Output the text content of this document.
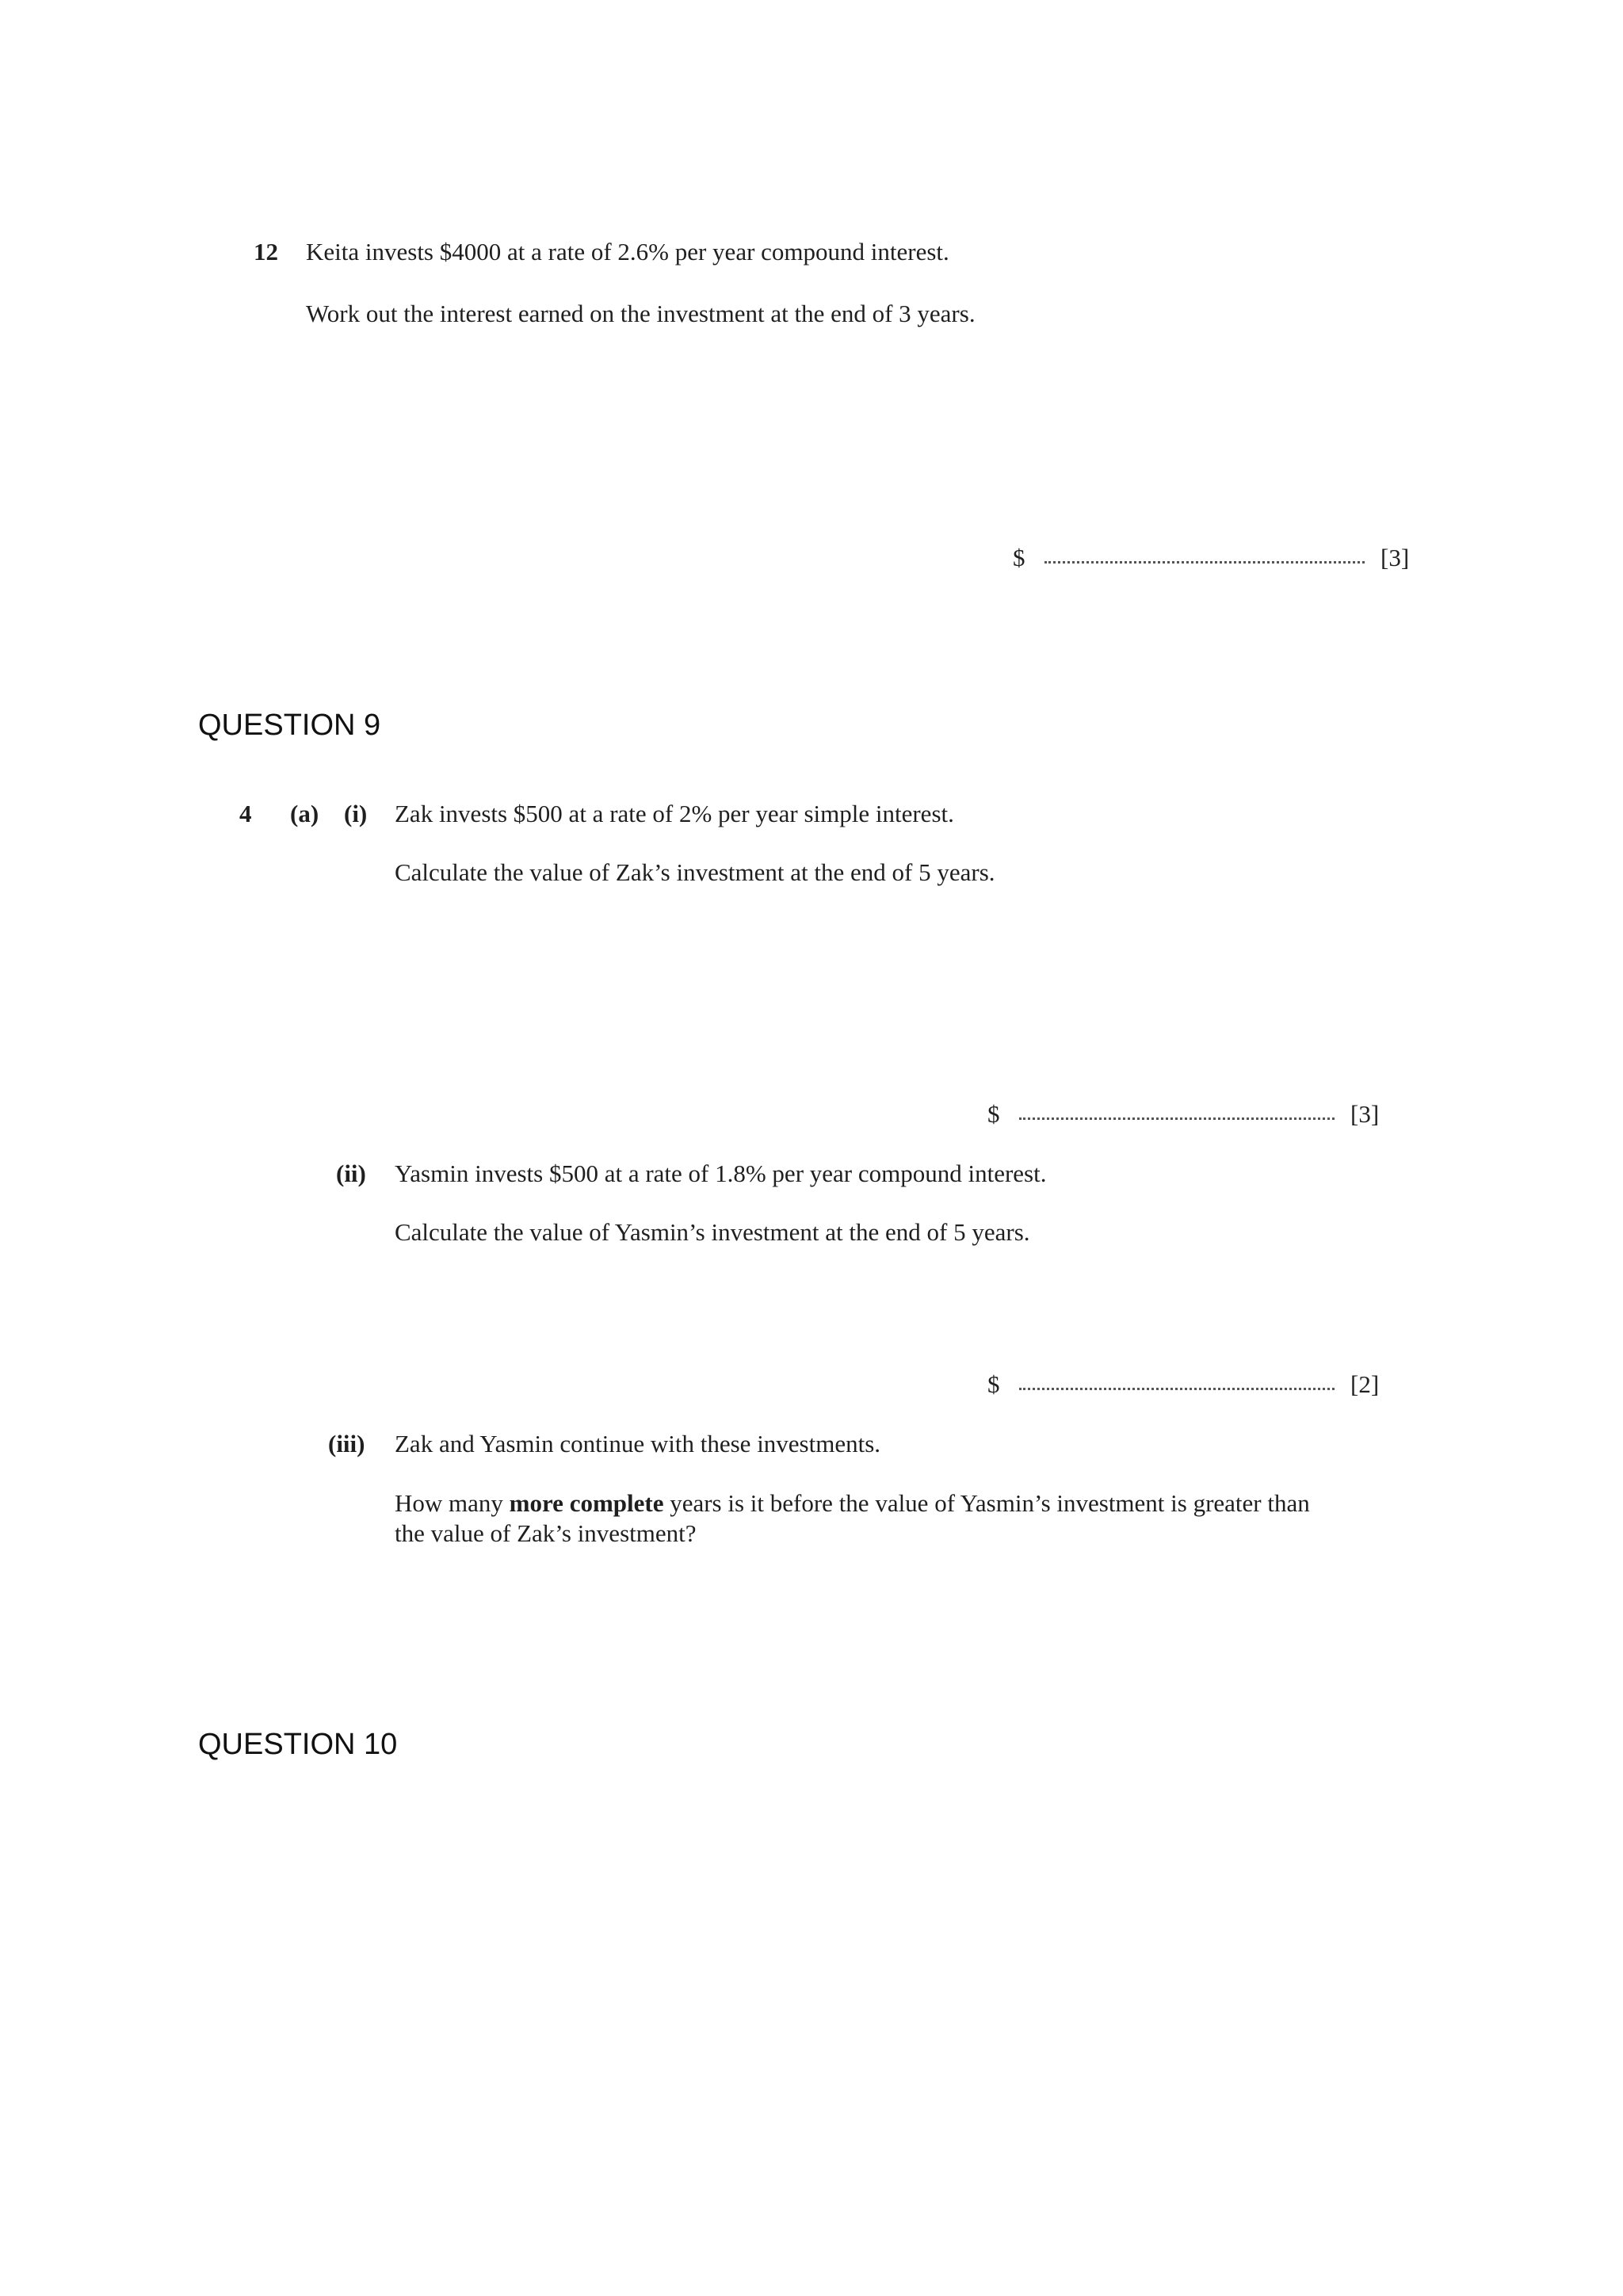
12 Keita invests $4000 at a rate of 2.6% per year compound interest.
Work out the interest earned on the investment at the end of 3 years.
$	[3]
QUESTION 9
4 (a) (i) Zak invests $500 at a rate of 2% per year simple interest.
Calculate the value of Zak’s investment at the end of 5 years.
$	[3]
(ii) Yasmin invests $500 at a rate of 1.8% per year compound interest.
Calculate the value of Yasmin’s investment at the end of 5 years.
$	[2]
(iii) Zak and Yasmin continue with these investments.
How many more complete years is it before the value of Yasmin’s investment is greater than
the value of Zak’s investment?
QUESTION 10
